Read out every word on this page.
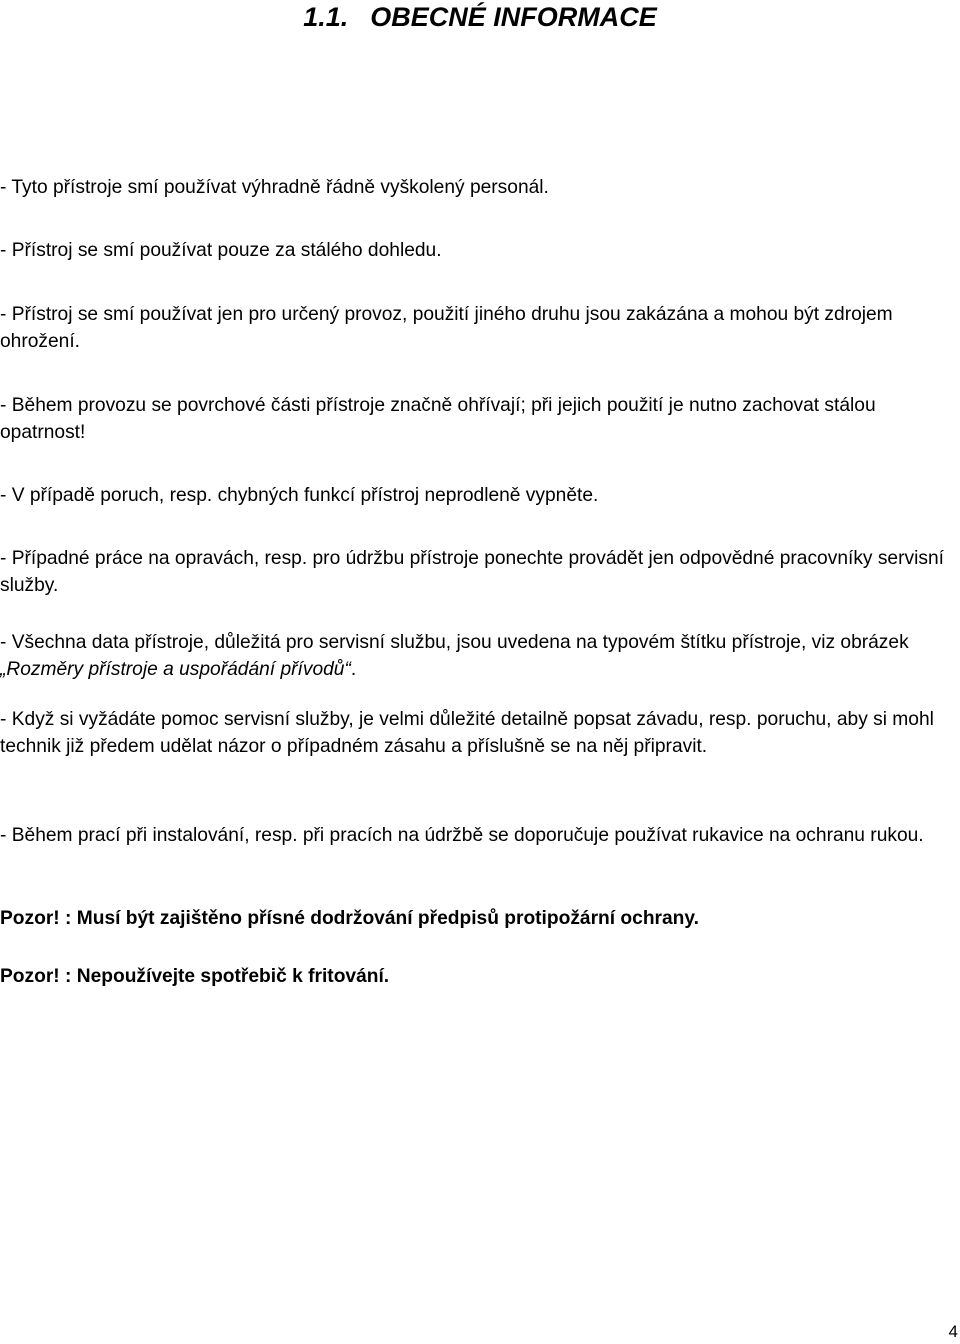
1.1. OBECNÉ INFORMACE

- Tyto přístroje smí používat výhradně řádně vyškolený personál.

- Přístroj se smí používat pouze za stálého dohledu.

- Přístroj se smí používat jen pro určený provoz, použití jiného druhu jsou zakázána a mohou být zdrojem ohrožení.

- Během provozu se povrchové části přístroje značně ohřívají; při jejich použití je nutno zachovat stálou opatrnost!

- V případě poruch, resp. chybných funkcí přístroj neprodleně vypněte.

- Případné práce na opravách, resp. pro údržbu přístroje ponechte provádět jen odpovědné pracovníky servisní služby.

- Všechna data přístroje, důležitá pro servisní službu, jsou uvedena na typovém štítku přístroje, viz obrázek „Rozměry přístroje a uspořádání přívodů“.

- Když si vyžádáte pomoc servisní služby, je velmi důležité detailně popsat závadu, resp. poruchu, aby si mohl technik již předem udělat názor o případném zásahu a příslušně se na něj připravit.

- Během prací při instalování, resp. při pracích na údržbě se doporučuje používat rukavice na ochranu rukou.

Pozor! : Musí být zajištěno přísné dodržování předpisů protipožární ochrany.

Pozor! : Nepoužívejte spotřebič k fritování.

4
